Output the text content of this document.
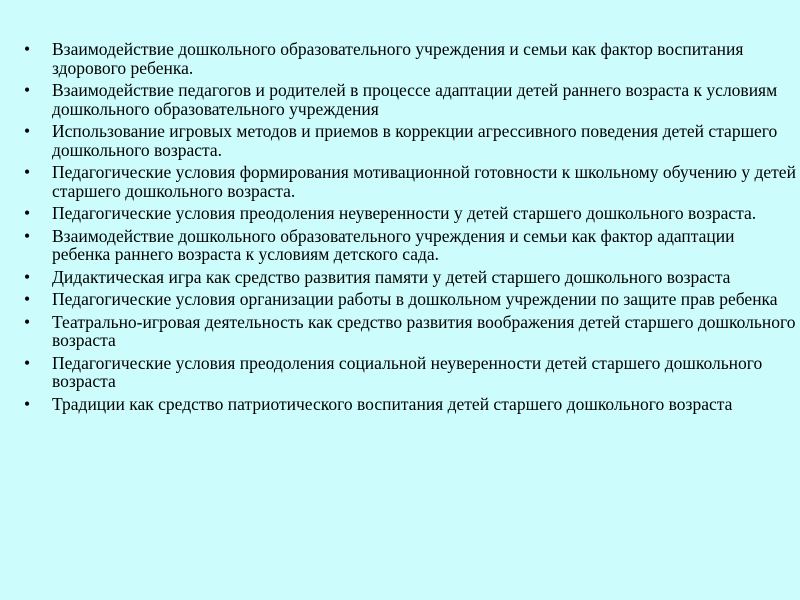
• Взаимодействие дошкольного образовательного учреждения и семьи как фактор воспитания здорового ребенка.
• Взаимодействие педагогов и родителей в процессе адаптации детей раннего возраста к условиям дошкольного образовательного учреждения
• Использование игровых методов и приемов в коррекции агрессивного поведения детей старшего дошкольного возраста.
• Педагогические условия формирования мотивационной готовности к школьному обучению у детей старшего дошкольного возраста.
• Педагогические условия преодоления неуверенности у детей старшего дошкольного возраста.
• Взаимодействие дошкольного образовательного учреждения и семьи как фактор адаптации ребенка раннего возраста к условиям детского сада.
• Дидактическая игра как средство развития памяти у детей старшего дошкольного возраста
• Педагогические условия организации работы в дошкольном учреждении по защите прав ребенка
• Театрально-игровая деятельность как средство развития воображения детей старшего дошкольного возраста
• Педагогические условия преодоления социальной неуверенности детей старшего дошкольного возраста
• Традиции как средство патриотического воспитания детей старшего дошкольного возраста
